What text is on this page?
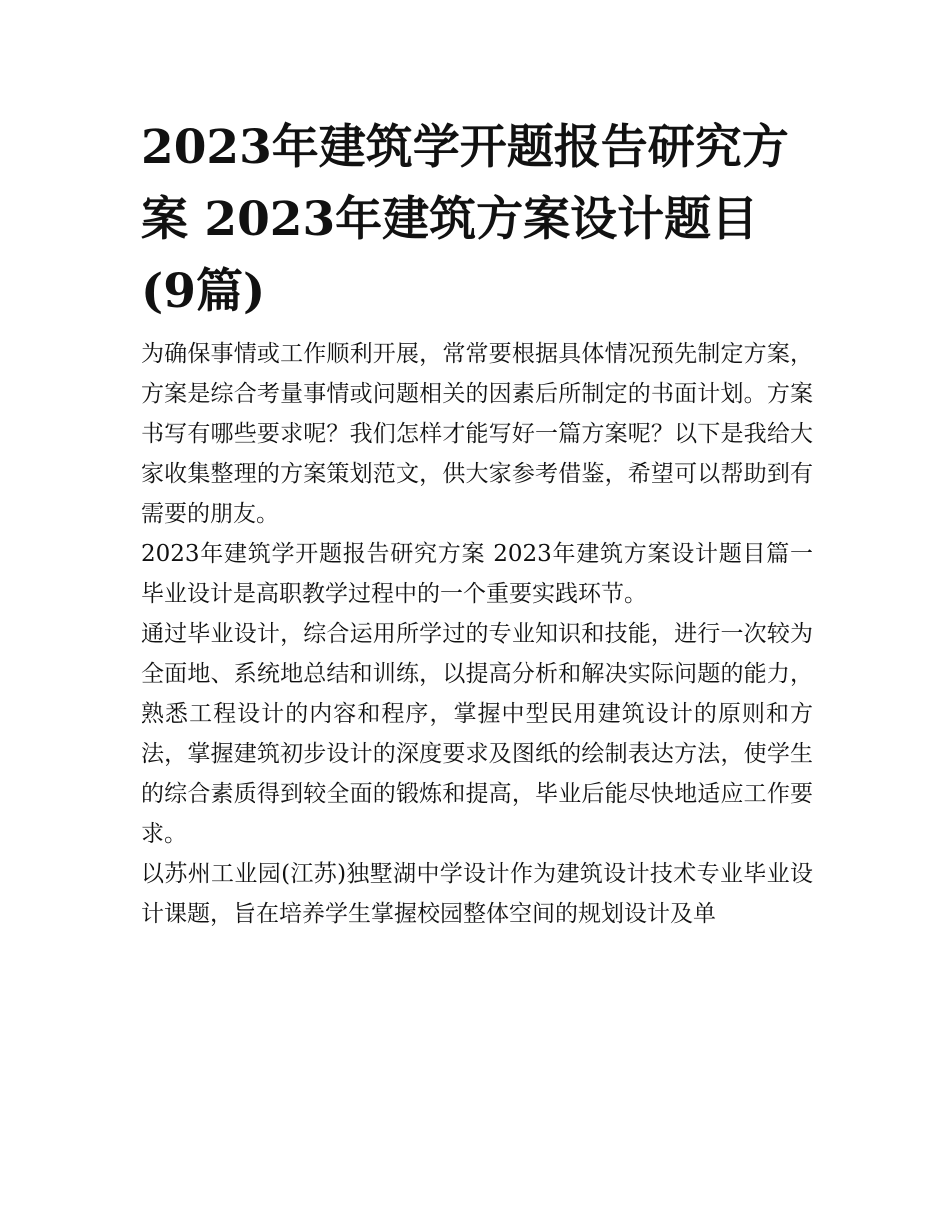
2023年建筑学开题报告研究方案 2023年建筑方案设计题目(9篇)

为确保事情或工作顺利开展，常常要根据具体情况预先制定方案，方案是综合考量事情或问题相关的因素后所制定的书面计划。方案书写有哪些要求呢？我们怎样才能写好一篇方案呢？以下是我给大家收集整理的方案策划范文，供大家参考借鉴，希望可以帮助到有需要的朋友。

2023年建筑学开题报告研究方案 2023年建筑方案设计题目篇一 毕业设计是高职教学过程中的一个重要实践环节。

通过毕业设计，综合运用所学过的专业知识和技能，进行一次较为全面地、系统地总结和训练，以提高分析和解决实际问题的能力，熟悉工程设计的内容和程序，掌握中型民用建筑设计的原则和方法，掌握建筑初步设计的深度要求及图纸的绘制表达方法，使学生的综合素质得到较全面的锻炼和提高，毕业后能尽快地适应工作要求。

以苏州工业园(江苏)独墅湖中学设计作为建筑设计技术专业毕业设计课题，旨在培养学生掌握校园整体空间的规划设计及单
